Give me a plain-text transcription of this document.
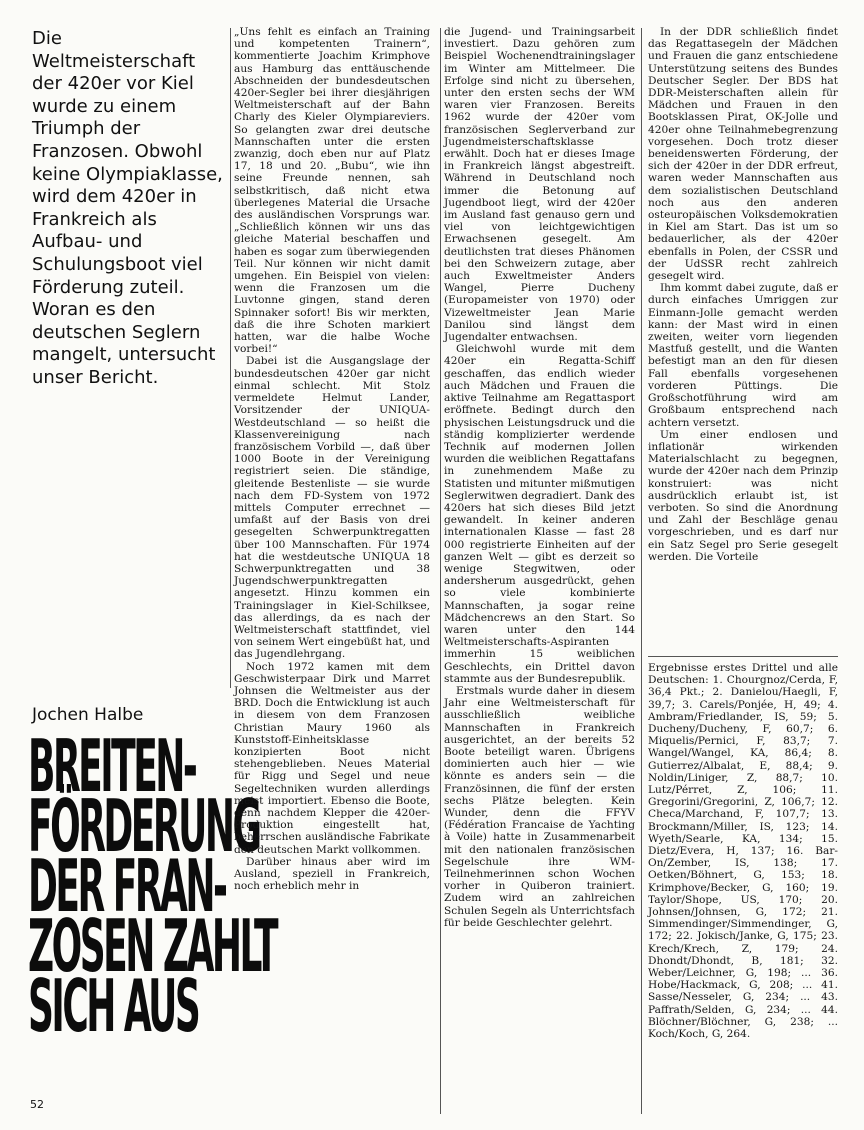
Die Weltmeisterschaft der 420er vor Kiel wurde zu einem Triumph der Franzosen. Obwohl keine Olympiaklasse, wird dem 420er in Frankreich als Aufbau- und Schulungsboot viel Förderung zuteil. Woran es den deutschen Seglern mangelt, untersucht unser Bericht.
Jochen Halbe
BREITEN-
FÖRDERUNG
DER FRAN-
ZOSEN ZAHLT
SICH AUS
52

„Uns fehlt es einfach an Training und kompetenten Trainern“, kommentierte Joachim Krimphove aus Hamburg das enttäuschende Abschneiden der bundesdeutschen 420er-Segler bei ihrer diesjährigen Weltmeisterschaft auf der Bahn Charly des Kieler Olympiareviers. So gelangten zwar drei deutsche Mannschaften unter die ersten zwanzig, doch eben nur auf Platz 17, 18 und 20. „Bubu“, wie ihn seine Freunde nennen, sah selbstkritisch, daß nicht etwa überlegenes Material die Ursache des ausländischen Vorsprungs war. „Schließlich können wir uns das gleiche Material beschaffen und haben es sogar zum überwiegenden Teil. Nur können wir nicht damit umgehen. Ein Beispiel von vielen: wenn die Franzosen um die Luvtonne gingen, stand deren Spinnaker sofort! Bis wir merkten, daß die ihre Schoten markiert hatten, war die halbe Woche vorbei!“

Dabei ist die Ausgangslage der bundesdeutschen 420er gar nicht einmal schlecht. Mit Stolz vermeldete Helmut Lander, Vorsitzender der UNIQUA-Westdeutschland — so heißt die Klassenvereinigung nach französischem Vorbild —, daß über 1000 Boote in der Vereinigung registriert seien. Die ständige, gleitende Bestenliste — sie wurde nach dem FD-System von 1972 mittels Computer errechnet — umfaßt auf der Basis von drei gesegelten Schwerpunktregatten über 100 Mannschaften. Für 1974 hat die westdeutsche UNIQUA 18 Schwerpunktregatten und 38 Jugendschwerpunktregatten angesetzt. Hinzu kommen ein Trainingslager in Kiel-Schilksee, das allerdings, da es nach der Weltmeisterschaft stattfindet, viel von seinem Wert eingebüßt hat, und das Jugendlehrgang.

Noch 1972 kamen mit dem Geschwisterpaar Dirk und Marret Johnsen die Weltmeister aus der BRD. Doch die Entwicklung ist auch in diesem von dem Franzosen Christian Maury 1960 als Kunststoff-Einheitsklasse konzipierten Boot nicht stehengeblieben. Neues Material für Rigg und Segel und neue Segeltechniken wurden allerdings meist importiert. Ebenso die Boote, denn nachdem Klepper die 420er-Produktion eingestellt hat, beherrschen ausländische Fabrikate den deutschen Markt vollkommen.

Darüber hinaus aber wird im Ausland, speziell in Frankreich, noch erheblich mehr in

die Jugend- und Trainingsarbeit investiert. Dazu gehören zum Beispiel Wochenendtrainingslager im Winter am Mittelmeer. Die Erfolge sind nicht zu übersehen, unter den ersten sechs der WM waren vier Franzosen. Bereits 1962 wurde der 420er vom französischen Seglerverband zur Jugendmeisterschaftsklasse erwählt. Doch hat er dieses Image in Frankreich längst abgestreift. Während in Deutschland noch immer die Betonung auf Jugendboot liegt, wird der 420er im Ausland fast genauso gern und viel von leichtgewichtigen Erwachsenen gesegelt. Am deutlichsten trat dieses Phänomen bei den Schweizern zutage, aber auch Exweltmeister Anders Wangel, Pierre Ducheny (Europameister von 1970) oder Vizeweltmeister Jean Marie Danilou sind längst dem Jugendalter entwachsen.

Gleichwohl wurde mit dem 420er ein Regatta-Schiff geschaffen, das endlich wieder auch Mädchen und Frauen die aktive Teilnahme am Regattasport eröffnete. Bedingt durch den physischen Leistungsdruck und die ständig komplizierter werdende Technik auf modernen Jollen wurden die weiblichen Regattafans in zunehmendem Maße zu Statisten und mitunter mißmutigen Seglerwitwen degradiert. Dank des 420ers hat sich dieses Bild jetzt gewandelt. In keiner anderen internationalen Klasse — fast 28 000 registrierte Einheiten auf der ganzen Welt — gibt es derzeit so wenige Stegwitwen, oder andersherum ausgedrückt, gehen so viele kombinierte Mannschaften, ja sogar reine Mädchencrews an den Start. So waren unter den 144 Weltmeisterschafts-Aspiranten immerhin 15 weiblichen Geschlechts, ein Drittel davon stammte aus der Bundesrepublik.

Erstmals wurde daher in diesem Jahr eine Weltmeisterschaft für ausschließlich weibliche Mannschaften in Frankreich ausgerichtet, an der bereits 52 Boote beteiligt waren. Übrigens dominierten auch hier — wie könnte es anders sein — die Französinnen, die fünf der ersten sechs Plätze belegten. Kein Wunder, denn die FFYV (Fédération Francaise de Yachting à Voile) hatte in Zusammenarbeit mit den nationalen französischen Segelschule ihre WM-Teilnehmerinnen schon Wochen vorher in Quiberon trainiert. Zudem wird an zahlreichen Schulen Segeln als Unterrichtsfach für beide Geschlechter gelehrt.

In der DDR schließlich findet das Regattasegeln der Mädchen und Frauen die ganz entschiedene Unterstützung seitens des Bundes Deutscher Segler. Der BDS hat DDR-Meisterschaften allein für Mädchen und Frauen in den Bootsklassen Pirat, OK-Jolle und 420er ohne Teilnahmebegrenzung vorgesehen. Doch trotz dieser beneidenswerten Förderung, der sich der 420er in der DDR erfreut, waren weder Mannschaften aus dem sozialistischen Deutschland noch aus den anderen osteuropäischen Volksdemokratien in Kiel am Start. Das ist um so bedauerlicher, als der 420er ebenfalls in Polen, der CSSR und der UdSSR recht zahlreich gesegelt wird.

Ihm kommt dabei zugute, daß er durch einfaches Umriggen zur Einmann-Jolle gemacht werden kann: der Mast wird in einen zweiten, weiter vorn liegenden Mastfuß gestellt, und die Wanten befestigt man an den für diesen Fall ebenfalls vorgesehenen vorderen Püttings. Die Großschotführung wird am Großbaum entsprechend nach achtern versetzt.

Um einer endlosen und inflationär wirkenden Materialschlacht zu begegnen, wurde der 420er nach dem Prinzip konstruiert: was nicht ausdrücklich erlaubt ist, ist verboten. So sind die Anordnung und Zahl der Beschläge genau vorgeschrieben, und es darf nur ein Satz Segel pro Serie gesegelt werden. Die Vorteile

Ergebnisse erstes Drittel und alle Deutschen: 1. Chourgnoz/Cerda, F, 36,4 Pkt.; 2. Danielou/Haegli, F, 39,7; 3. Carels/Ponjée, H, 49; 4. Ambram/Friedlander, IS, 59; 5. Ducheny/Ducheny, F, 60,7; 6. Miquelis/Pernici, F, 83,7; 7. Wangel/Wangel, KA, 86,4; 8. Gutierrez/Albalat, E, 88,4; 9. Noldin/Liniger, Z, 88,7; 10. Lutz/Pérret, Z, 106; 11. Gregorini/Gregorini, Z, 106,7; 12. Checa/Marchand, F, 107,7; 13. Brockmann/Miller, IS, 123; 14. Wyeth/Searle, KA, 134; 15. Dietz/Evera, H, 137; 16. Bar-On/Zember, IS, 138; 17. Oetken/Böhnert, G, 153; 18. Krimphove/Becker, G, 160; 19. Taylor/Shope, US, 170; 20. Johnsen/Johnsen, G, 172; 21. Simmendinger/Simmendinger, G, 172; 22. Jokisch/Janke, G, 175; 23. Krech/Krech, Z, 179; 24. Dhondt/Dhondt, B, 181; 32. Weber/Leichner, G, 198; ... 36. Hobe/Hackmack, G, 208; ... 41. Sasse/Nesseler, G, 234; ... 43. Paffrath/Selden, G, 234; ... 44. Blöchner/Blöchner, G, 238; ... Koch/Koch, G, 264.
